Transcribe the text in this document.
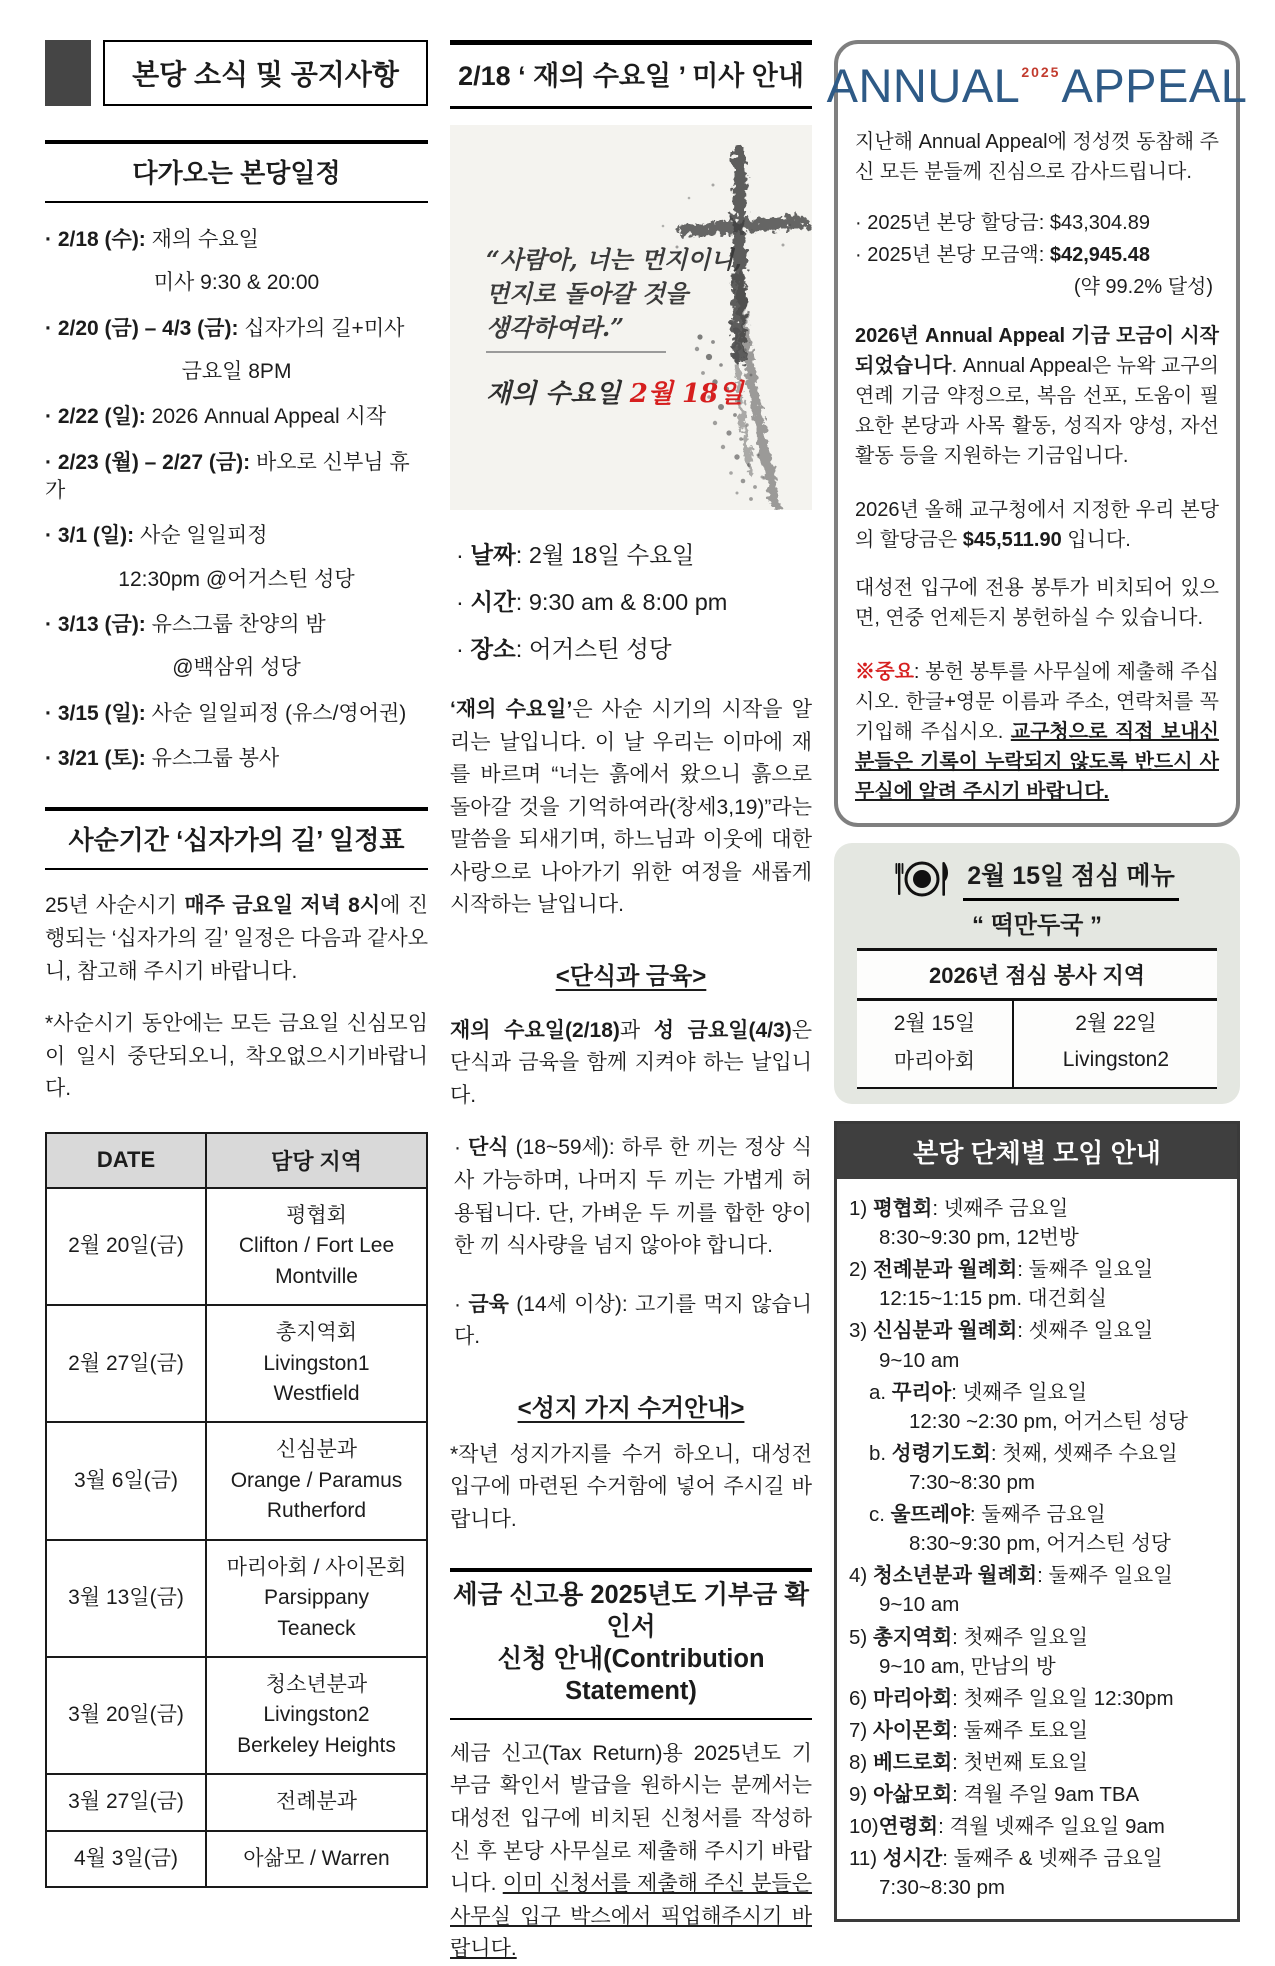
본당 소식 및 공지사항
다가오는 본당일정
· 2/18 (수): 재의 수요일
미사 9:30 & 20:00
· 2/20 (금) – 4/3 (금): 십자가의 길+미사
금요일 8PM
· 2/22 (일): 2026 Annual Appeal 시작
· 2/23 (월) – 2/27 (금): 바오로 신부님 휴가
· 3/1 (일): 사순 일일피정
12:30pm @어거스틴 성당
· 3/13 (금): 유스그룹 찬양의 밤
@백삼위 성당
· 3/15 (일): 사순 일일피정 (유스/영어권)
· 3/21 (토): 유스그룹 봉사
사순기간 ‘십자가의 길’ 일정표
25년 사순시기 매주 금요일 저녁 8시에 진행되는 ‘십자가의 길’ 일정은 다음과 같사오니, 참고해 주시기 바랍니다.
*사순시기 동안에는 모든 금요일 신심모임이 일시 중단되오니, 착오없으시기바랍니다.
DATE	담당 지역
2월 20일(금)	평협회
Clifton / Fort Lee
Montville

2월 27일(금)	총지역회
Livingston1
Westfield

3월 6일(금)	신심분과
Orange / Paramus
Rutherford

3월 13일(금)	마리아회 / 사이몬회
Parsippany
Teaneck

3월 20일(금)	청소년분과
Livingston2
Berkeley Heights

3월 27일(금)	전례분과
4월 3일(금)	아삶모 / Warren
2/18 ‘ 재의 수요일 ’ 미사 안내
“사람아, 너는 먼지이니,
먼지로 돌아갈 것을
생각하여라.”
재의 수요일 2월 18일
· 날짜: 2월 18일 수요일
· 시간: 9:30 am & 8:00 pm
· 장소: 어거스틴 성당
‘재의 수요일’은 사순 시기의 시작을 알리는 날입니다. 이 날 우리는 이마에 재를 바르며 “너는 흙에서 왔으니 흙으로 돌아갈 것을 기억하여라(창세3,19)”라는 말씀을 되새기며, 하느님과 이웃에 대한 사랑으로 나아가기 위한 여정을 새롭게 시작하는 날입니다.
<단식과 금육>
재의 수요일(2/18)과 성 금요일(4/3)은 단식과 금육을 함께 지켜야 하는 날입니다.
· 단식 (18~59세): 하루 한 끼는 정상 식사 가능하며, 나머지 두 끼는 가볍게 허용됩니다. 단, 가벼운 두 끼를 합한 양이 한 끼 식사량을 넘지 않아야 합니다.
· 금육 (14세 이상): 고기를 먹지 않습니다.
<성지 가지 수거안내>
*작년 성지가지를 수거 하오니, 대성전 입구에 마련된 수거함에 넣어 주시길 바랍니다.
세금 신고용 2025년도 기부금 확인서
신청 안내(Contribution Statement)
세금 신고(Tax Return)용 2025년도 기부금 확인서 발급을 원하시는 분께서는 대성전 입구에 비치된 신청서를 작성하신 후 본당 사무실로 제출해 주시기 바랍니다. 이미 신청서를 제출해 주신 분들은 사무실 입구 박스에서 픽업해주시기 바랍니다.
ANNUAL 2025 APPEAL
지난해 Annual Appeal에 정성껏 동참해 주신 모든 분들께 진심으로 감사드립니다.
· 2025년 본당 할당금: $43,304.89
· 2025년 본당 모금액: $42,945.48
(약 99.2% 달성)
2026년 Annual Appeal 기금 모금이 시작되었습니다. Annual Appeal은 뉴왁 교구의 연례 기금 약정으로, 복음 선포, 도움이 필요한 본당과 사목 활동, 성직자 양성, 자선 활동 등을 지원하는 기금입니다.
2026년 올해 교구청에서 지정한 우리 본당의 할당금은 $45,511.90 입니다.
대성전 입구에 전용 봉투가 비치되어 있으면, 연중 언제든지 봉헌하실 수 있습니다.
※중요: 봉헌 봉투를 사무실에 제출해 주십시오. 한글+영문 이름과 주소, 연락처를 꼭 기입해 주십시오. 교구청으로 직접 보내신 분들은 기록이 누락되지 않도록 반드시 사무실에 알려 주시기 바랍니다.
2월 15일 점심 메뉴
“ 떡만두국 ”
2026년 점심 봉사 지역	
2월 15일	2월 22일
마리아회	Livingston2
본당 단체별 모임 안내
1) 평협회: 넷째주 금요일
8:30~9:30 pm, 12번방
2) 전례분과 월례회: 둘째주 일요일
12:15~1:15 pm. 대건회실
3) 신심분과 월례회: 셋째주 일요일
9~10 am
a. 꾸리아: 넷째주 일요일
12:30 ~2:30 pm, 어거스틴 성당
b. 성령기도회: 첫째, 셋째주 수요일
7:30~8:30 pm
c. 울뜨레야: 둘째주 금요일
8:30~9:30 pm, 어거스틴 성당
4) 청소년분과 월례회: 둘째주 일요일
9~10 am
5) 총지역회: 첫째주 일요일
9~10 am, 만남의 방
6) 마리아회: 첫째주 일요일 12:30pm
7) 사이몬회: 둘째주 토요일
8) 베드로회: 첫번째 토요일
9) 아삶모회: 격월 주일 9am TBA
10)연령회: 격월 넷째주 일요일 9am
11) 성시간: 둘째주 & 넷째주 금요일
7:30~8:30 pm
